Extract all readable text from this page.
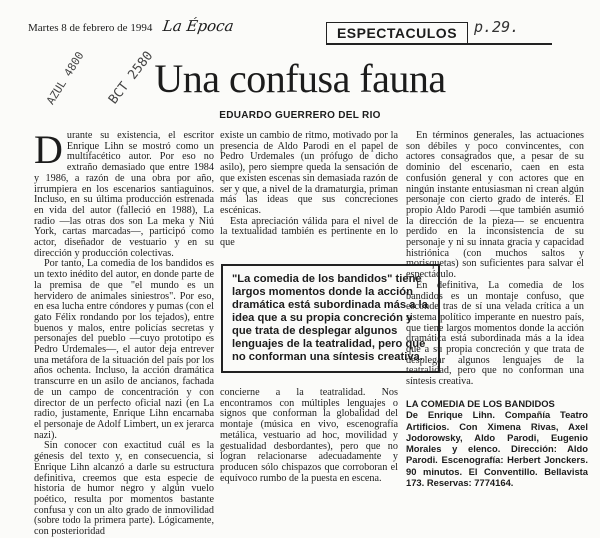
Martes 8 de febrero de 1994 La Época	ESPECTACULOS	p.29.
AZUL 4800 BCT 2580
Una confusa fauna
EDUARDO GUERRERO DEL RIO

Durante su existencia, el escritor Enrique Lihn se mostró como un multifacético autor. Por eso no extraño demasiado que entre 1984 y 1986, a razón de una obra por año, irrumpiera en los escenarios santiaguinos. Incluso, en su última producción estrenada en vida del autor (falleció en 1988), La radio —las otras dos son La meka y Niú York, cartas marcadas—, participó como actor, diseñador de vestuario y en su dirección y producción colectivas.

Por tanto, La comedia de los bandidos es un texto inédito del autor, en donde parte de la premisa de que "el mundo es un hervidero de animales siniestros". Por eso, en esa lucha entre cóndores y pumas (con el gato Félix rondando por los tejados), entre buenos y malos, entre policías secretas y personajes del pueblo —cuyo prototipo es Pedro Urdemales—, el autor deja entrever una metáfora de la situación del país por los años ochenta. Incluso, la acción dramática transcurre en un asilo de ancianos, fachada de un campo de concentración y con director de un perfecto oficial nazi (en La radio, justamente, Enrique Lihn encarnaba el personaje de Adolf Limbert, un ex jerarca nazi).

Sin conocer con exactitud cuál es la génesis del texto y, en consecuencia, si Enrique Lihn alcanzó a darle su estructura definitiva, creemos que esta especie de historia de humor negro y algún vuelo poético, resulta por momentos bastante confusa y con un alto grado de inmovilidad (sobre todo la primera parte). Lógicamente, con posterioridad

existe un cambio de ritmo, motivado por la presencia de Aldo Parodi en el papel de Pedro Urdemales (un prófugo de dicho asilo), pero siempre queda la sensación de que existen escenas sin demasiada razón de ser y que, a nivel de la dramaturgia, priman más las ideas que sus concreciones escénicas.

Esta apreciación válida para el nivel de la textualidad también es pertinente en lo que

"La comedia de los bandidos" tiene largos momentos donde la acción dramática está subordinada más a la idea que a su propia concreción y que trata de desplegar algunos lenguajes de la teatralidad, pero que no conforman una síntesis creativa.

concierne a la teatralidad. Nos encontramos con múltiples lenguajes o signos que conforman la globalidad del montaje (música en vivo, escenografía metálica, vestuario ad hoc, movilidad y gestualidad desbordantes), pero que no logran relacionarse adecuadamente y producen sólo chispazos que corroboran el equívoco rumbo de la puesta en escena.

En términos generales, las actuaciones son débiles y poco convincentes, con actores consagrados que, a pesar de su dominio del escenario, caen en esta confusión general y con actores que en ningún instante entusiasman ni crean algún personaje con cierto grado de interés. El propio Aldo Parodi —que también asumió la dirección de la pieza— se encuentra perdido en la inconsistencia de su personaje y ni su innata gracia y capacidad histriónica (con muchos saltos y morisquetas) son suficientes para salvar el espectáculo.

En definitiva, La comedia de los bandidos es un montaje confuso, que esconde tras de sí una velada crítica a un sistema político imperante en nuestro país, que tiene largos momentos donde la acción dramática está subordinada más a la idea que a su propia concreción y que trata de desplegar algunos lenguajes de la teatralidad, pero que no conforman una síntesis creativa.

LA COMEDIA DE LOS BANDIDOS
De Enrique Lihn. Compañía Teatro Artificios. Con Ximena Rivas, Axel Jodorowsky, Aldo Parodi, Eugenio Morales y elenco. Dirección: Aldo Parodi. Escenografía: Herbert Jonckers. 90 minutos. El Conventillo. Bellavista 173. Reservas: 7774164.
